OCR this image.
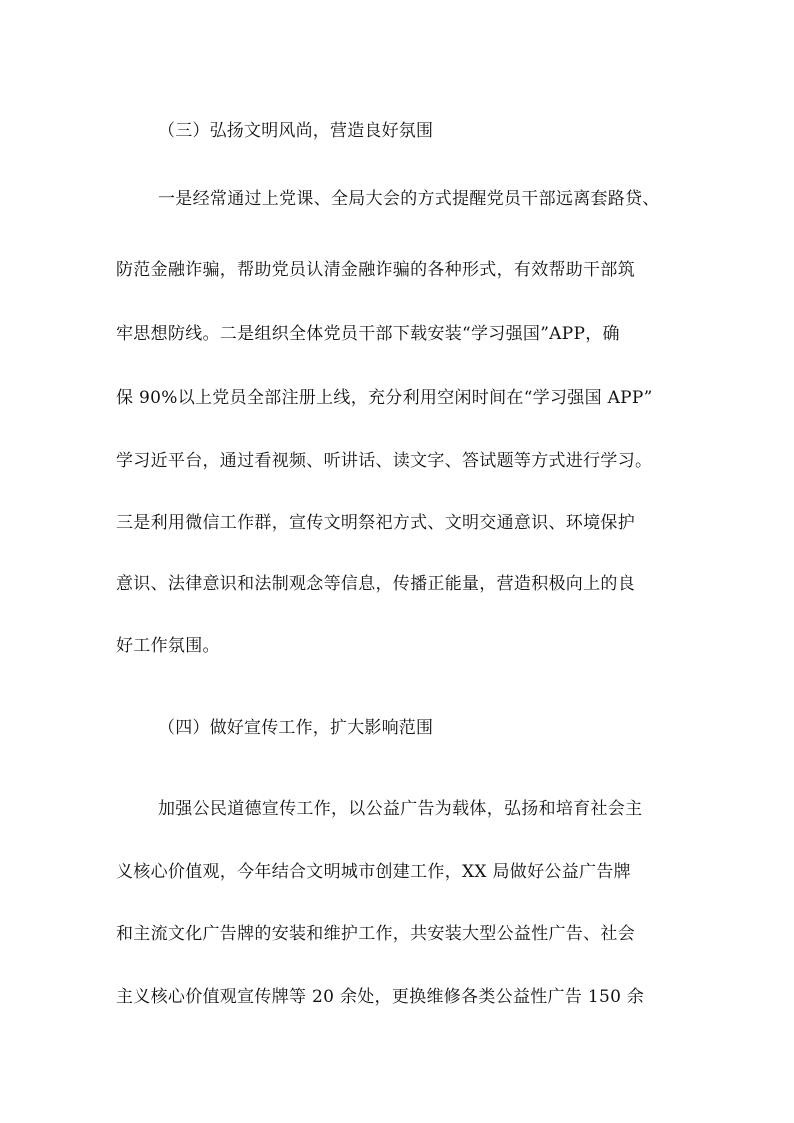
（三）弘扬文明风尚，营造良好氛围
一是经常通过上党课、全局大会的方式提醒党员干部远离套路贷、
防范金融诈骗，帮助党员认清金融诈骗的各种形式，有效帮助干部筑
牢思想防线。二是组织全体党员干部下载安装“学习强国”APP，确
保 90%以上党员全部注册上线，充分利用空闲时间在“学习强国 APP”
学习近平台，通过看视频、听讲话、读文字、答试题等方式进行学习。
三是利用微信工作群，宣传文明祭祀方式、文明交通意识、环境保护
意识、法律意识和法制观念等信息，传播正能量，营造积极向上的良
好工作氛围。
（四）做好宣传工作，扩大影响范围
加强公民道德宣传工作，以公益广告为载体，弘扬和培育社会主
义核心价值观，今年结合文明城市创建工作，XX 局做好公益广告牌
和主流文化广告牌的安装和维护工作，共安装大型公益性广告、社会
主义核心价值观宣传牌等 20 余处，更换维修各类公益性广告 150 余
